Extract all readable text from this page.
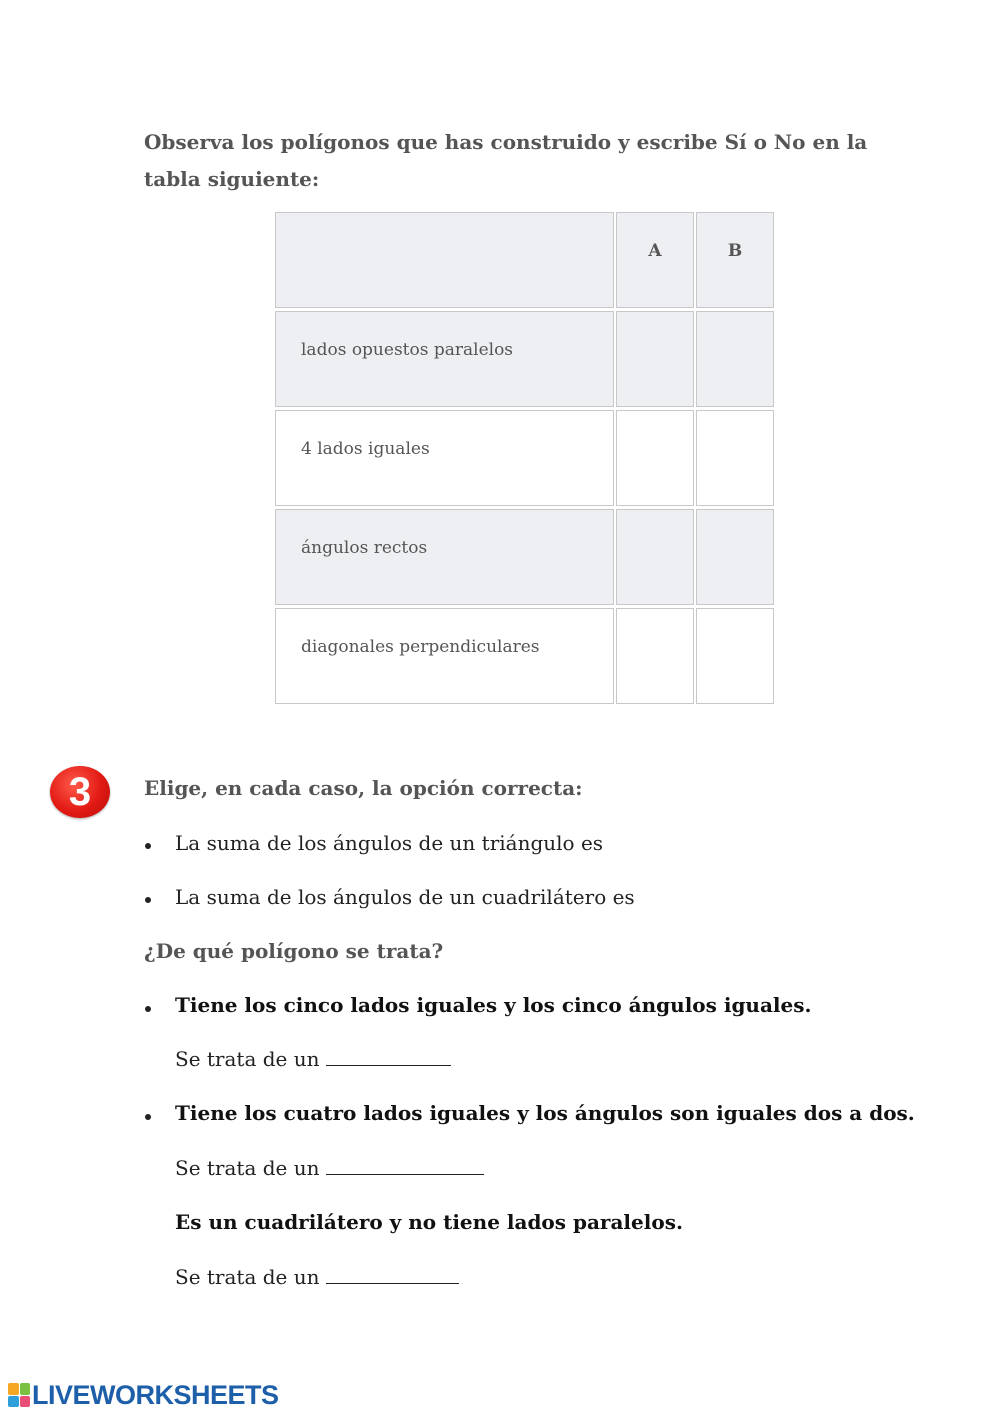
Observa los polígonos que has construido y escribe Sí o No en la tabla siguiente:
A	B
lados opuestos paralelos
4 lados iguales
ángulos rectos
diagonales perpendiculares
3	Elige, en cada caso, la opción correcta:
La suma de los ángulos de un triángulo es
La suma de los ángulos de un cuadrilátero es
¿De qué polígono se trata?
Tiene los cinco lados iguales y los cinco ángulos iguales.
Se trata de un
Tiene los cuatro lados iguales y los ángulos son iguales dos a dos.
Se trata de un
Es un cuadrilátero y no tiene lados paralelos.
Se trata de un
LIVEWORKSHEETS
